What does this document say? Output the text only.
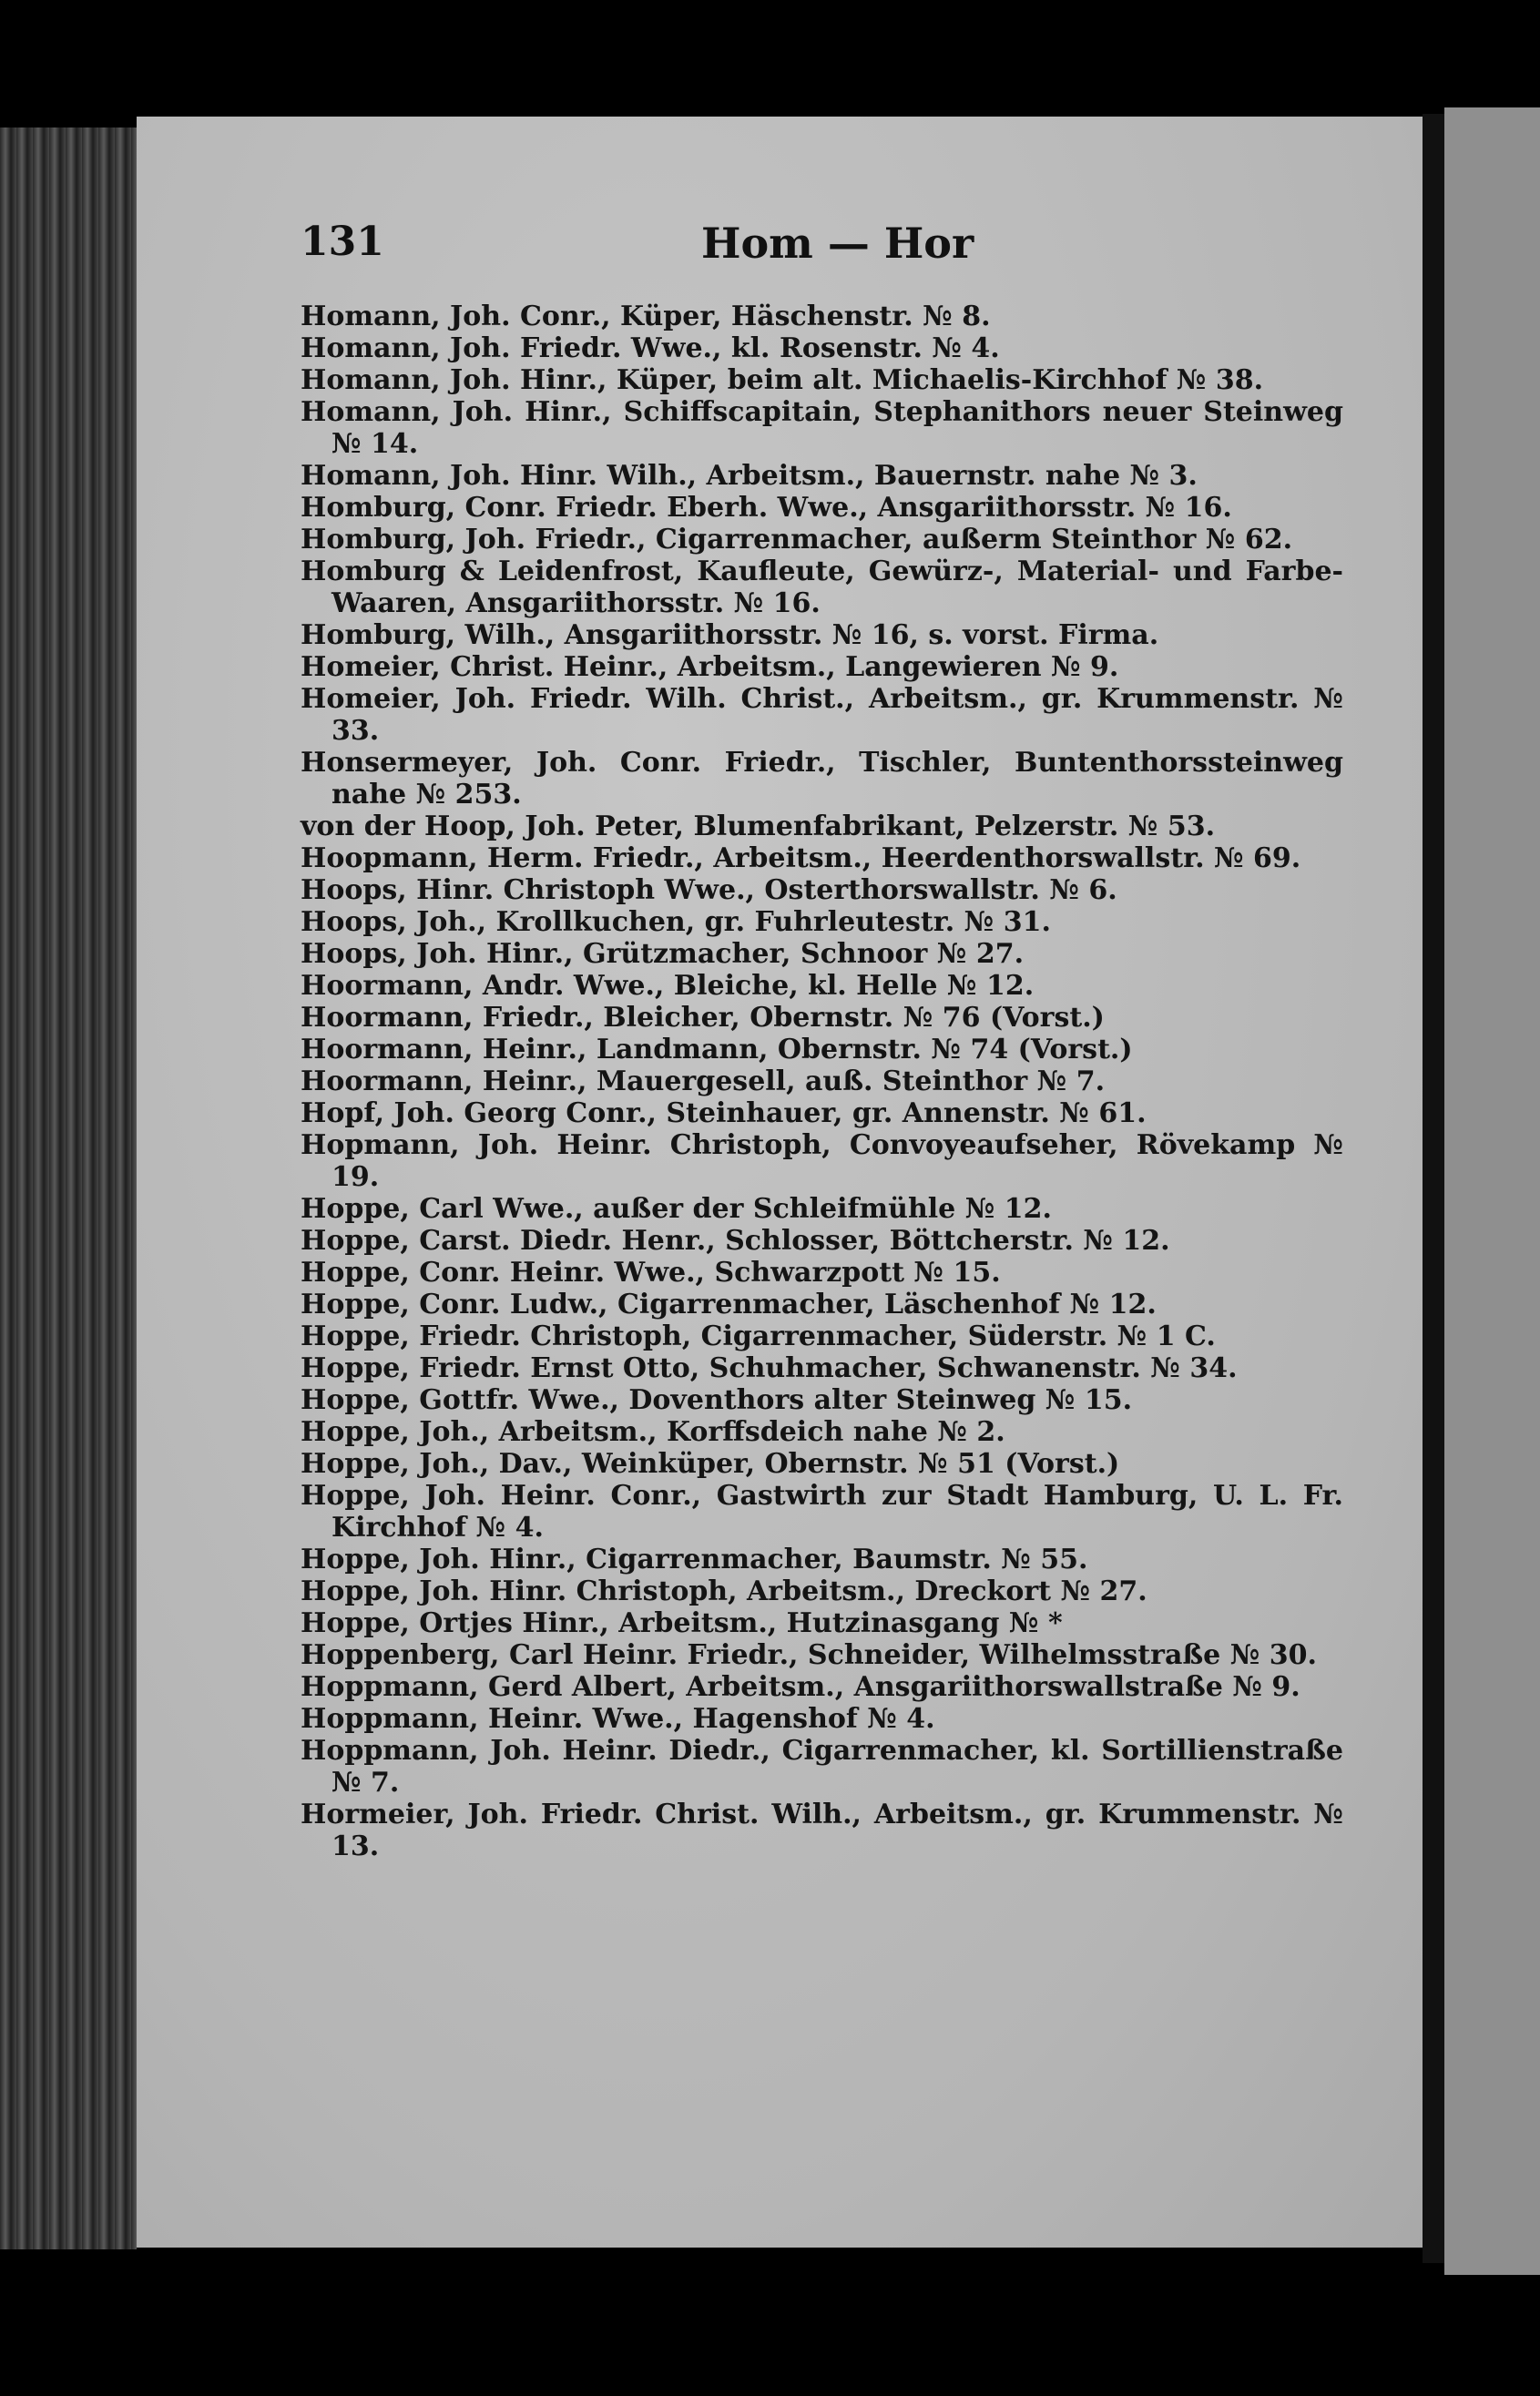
131	Hom — Hor

Homann, Joh. Conr., Küper, Häschenstr. № 8.

Homann, Joh. Friedr. Wwe., kl. Rosenstr. № 4.

Homann, Joh. Hinr., Küper, beim alt. Michaelis-Kirchhof № 38.

Homann, Joh. Hinr., Schiffscapitain, Stephanithors neuer Steinweg № 14.

Homann, Joh. Hinr. Wilh., Arbeitsm., Bauernstr. nahe № 3.

Homburg, Conr. Friedr. Eberh. Wwe., Ansgariithorsstr. № 16.

Homburg, Joh. Friedr., Cigarrenmacher, außerm Steinthor № 62.

Homburg & Leidenfrost, Kaufleute, Gewürz-, Material- und Farbe-Waaren, Ansgariithorsstr. № 16.

Homburg, Wilh., Ansgariithorsstr. № 16, s. vorst. Firma.

Homeier, Christ. Heinr., Arbeitsm., Langewieren № 9.

Homeier, Joh. Friedr. Wilh. Christ., Arbeitsm., gr. Krummenstr. № 33.

Honsermeyer, Joh. Conr. Friedr., Tischler, Buntenthorssteinweg nahe № 253.

von der Hoop, Joh. Peter, Blumenfabrikant, Pelzerstr. № 53.

Hoopmann, Herm. Friedr., Arbeitsm., Heerdenthorswallstr. № 69.

Hoops, Hinr. Christoph Wwe., Osterthorswallstr. № 6.

Hoops, Joh., Krollkuchen, gr. Fuhrleutestr. № 31.

Hoops, Joh. Hinr., Grützmacher, Schnoor № 27.

Hoormann, Andr. Wwe., Bleiche, kl. Helle № 12.

Hoormann, Friedr., Bleicher, Obernstr. № 76 (Vorst.)

Hoormann, Heinr., Landmann, Obernstr. № 74 (Vorst.)

Hoormann, Heinr., Mauergesell, auß. Steinthor № 7.

Hopf, Joh. Georg Conr., Steinhauer, gr. Annenstr. № 61.

Hopmann, Joh. Heinr. Christoph, Convoyeaufseher, Rövekamp № 19.

Hoppe, Carl Wwe., außer der Schleifmühle № 12.

Hoppe, Carst. Diedr. Henr., Schlosser, Böttcherstr. № 12.

Hoppe, Conr. Heinr. Wwe., Schwarzpott № 15.

Hoppe, Conr. Ludw., Cigarrenmacher, Läschenhof № 12.

Hoppe, Friedr. Christoph, Cigarrenmacher, Süderstr. № 1 C.

Hoppe, Friedr. Ernst Otto, Schuhmacher, Schwanenstr. № 34.

Hoppe, Gottfr. Wwe., Doventhors alter Steinweg № 15.

Hoppe, Joh., Arbeitsm., Korffsdeich nahe № 2.

Hoppe, Joh., Dav., Weinküper, Obernstr. № 51 (Vorst.)

Hoppe, Joh. Heinr. Conr., Gastwirth zur Stadt Hamburg, U. L. Fr. Kirchhof № 4.

Hoppe, Joh. Hinr., Cigarrenmacher, Baumstr. № 55.

Hoppe, Joh. Hinr. Christoph, Arbeitsm., Dreckort № 27.

Hoppe, Ortjes Hinr., Arbeitsm., Hutzinasgang № *

Hoppenberg, Carl Heinr. Friedr., Schneider, Wilhelmsstraße № 30.

Hoppmann, Gerd Albert, Arbeitsm., Ansgariithorswallstraße № 9.

Hoppmann, Heinr. Wwe., Hagenshof № 4.

Hoppmann, Joh. Heinr. Diedr., Cigarrenmacher, kl. Sortillienstraße № 7.

Hormeier, Joh. Friedr. Christ. Wilh., Arbeitsm., gr. Krummenstr. № 13.
